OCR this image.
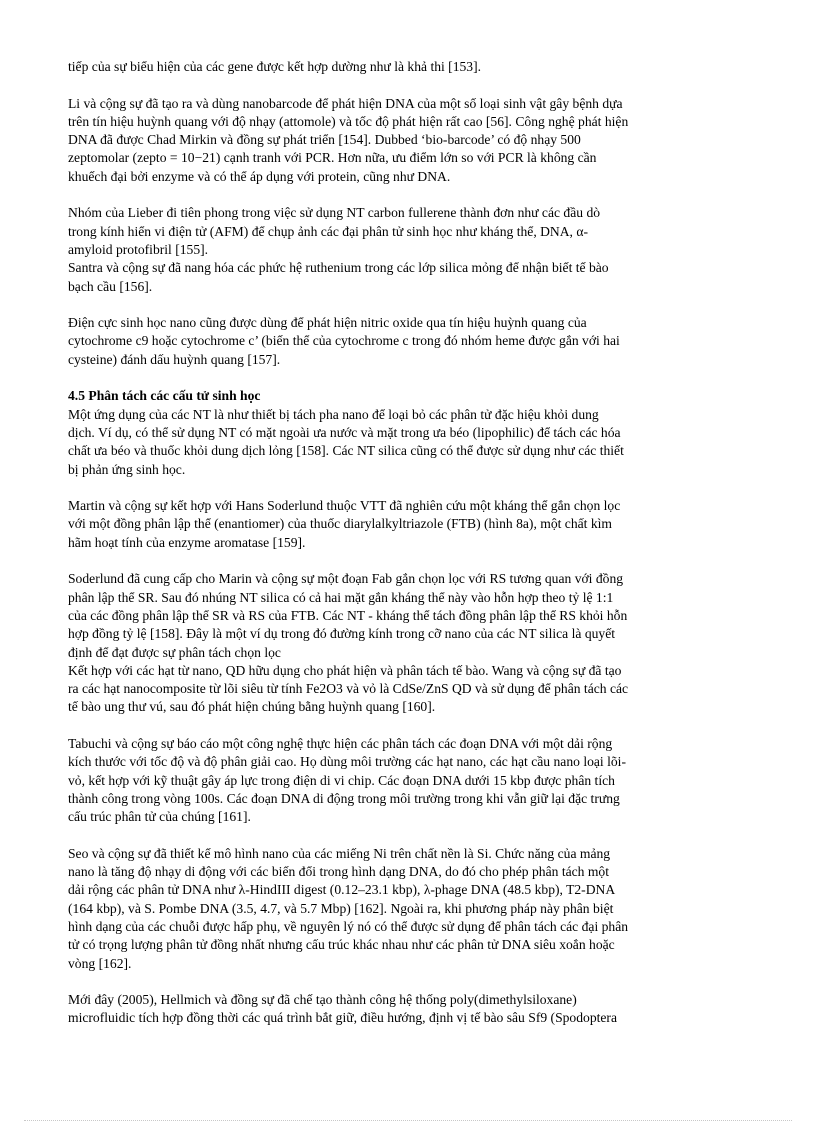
tiếp của sự biểu hiện của các gene được kết hợp dường như là khả thi [153].
Li và cộng sự đã tạo ra và dùng nanobarcode để phát hiện DNA của một số loại sinh vật gây bệnh dựa
trên tín hiệu huỳnh quang với độ nhạy (attomole) và tốc độ phát hiện rất cao [56]. Công nghệ phát hiện
DNA đã được Chad Mirkin và đồng sự phát triển [154]. Dubbed ‘bio-barcode’ có độ nhạy 500
zeptomolar (zepto = 10−21) cạnh tranh với PCR. Hơn nữa, ưu điểm lớn so với PCR là không cần
khuếch đại bởi enzyme và có thể áp dụng với protein, cũng như DNA.
Nhóm của Lieber đi tiên phong trong việc sử dụng NT carbon fullerene thành đơn như các đầu dò
trong kính hiển vi điện tử (AFM) để chụp ảnh các đại phân tử sinh học như kháng thể, DNA, α-
amyloid protofibril [155].
Santra và cộng sự đã nang hóa các phức hệ ruthenium trong các lớp silica mỏng để nhận biết tế bào
bạch cầu [156].
Điện cực sinh học nano cũng được dùng để phát hiện nitric oxide qua tín hiệu huỳnh quang của
cytochrome c9 hoặc cytochrome c’ (biến thể của cytochrome c trong đó nhóm heme được gắn với hai
cysteine) đánh dấu huỳnh quang [157].
4.5 Phân tách các cấu tử sinh học
Một ứng dụng của các NT là như thiết bị tách pha nano để loại bỏ các phân tử đặc hiệu khỏi dung
dịch. Ví dụ, có thể sử dụng NT có mặt ngoài ưa nước và mặt trong ưa béo (lipophilic) để tách các hóa
chất ưa béo và thuốc khỏi dung dịch lỏng [158]. Các NT silica cũng có thể được sử dụng như các thiết
bị phản ứng sinh học.
Martin và cộng sự kết hợp với Hans Soderlund thuộc VTT đã nghiên cứu một kháng thể gắn chọn lọc
với một đồng phân lập thể (enantiomer) của thuốc diarylalkyltriazole (FTB) (hình 8a), một chất kìm
hãm hoạt tính của enzyme aromatase [159].
Soderlund đã cung cấp cho Marin và cộng sự một đoạn Fab gắn chọn lọc với RS tương quan với đồng
phân lập thể SR. Sau đó nhúng NT silica có cả hai mặt gắn kháng thể này vào hỗn hợp theo tỷ lệ 1:1
của các đồng phân lập thể SR và RS của FTB. Các NT - kháng thể tách đồng phân lập thể RS khỏi hỗn
hợp đồng tỷ lệ [158]. Đây là một ví dụ trong đó đường kính trong cỡ nano của các NT silica là quyết
định để đạt được sự phân tách chọn lọc
Kết hợp với các hạt từ nano, QD hữu dụng cho phát hiện và phân tách tế bào. Wang và cộng sự đã tạo
ra các hạt nanocomposite từ lõi siêu từ tính Fe2O3 và vỏ là CdSe/ZnS QD và sử dụng để phân tách các
tế bào ung thư vú, sau đó phát hiện chúng bằng huỳnh quang [160].
Tabuchi và cộng sự báo cáo một công nghệ thực hiện các phân tách các đoạn DNA với một dải rộng
kích thước với tốc độ và độ phân giải cao. Họ dùng môi trường các hạt nano, các hạt cầu nano loại lõi-
vỏ, kết hợp với kỹ thuật gây áp lực trong điện di vi chip. Các đoạn DNA dưới 15 kbp được phân tích
thành công trong vòng 100s. Các đoạn DNA di động trong môi trường trong khi vẫn giữ lại đặc trưng
cấu trúc phân tử của chúng [161].
Seo và cộng sự đã thiết kế mô hình nano của các miếng Ni trên chất nền là Si. Chức năng của mảng
nano là tăng độ nhạy di động với các biến đổi trong hình dạng DNA, do đó cho phép phân tách một
dải rộng các phân tử DNA như λ-HindIII digest (0.12–23.1 kbp), λ-phage DNA (48.5 kbp), T2-DNA
(164 kbp), và S. Pombe DNA (3.5, 4.7, và 5.7 Mbp) [162]. Ngoài ra, khi phương pháp này phân biệt
hình dạng của các chuỗi được hấp phụ, về nguyên lý nó có thể được sử dụng để phân tách các đại phân
tử có trọng lượng phân tử đồng nhất nhưng cấu trúc khác nhau như các phân tử DNA siêu xoắn hoặc
vòng [162].
Mới đây (2005), Hellmich và đồng sự đã chế tạo thành công hệ thống poly(dimethylsiloxane)
microfluidic tích hợp đồng thời các quá trình bắt giữ, điều hướng, định vị tế bào sâu Sf9 (Spodoptera
